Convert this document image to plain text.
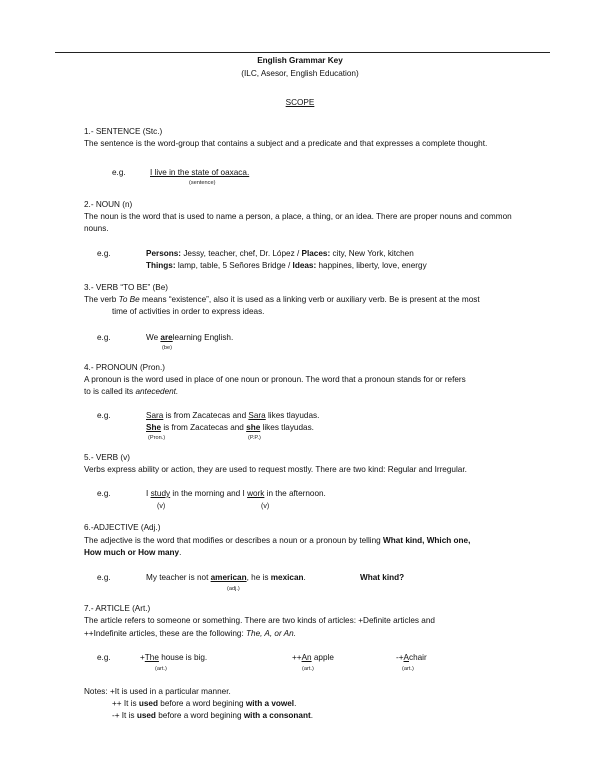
English Grammar Key
(ILC, Asesor, English Education)
SCOPE
1.- SENTENCE (Stc.)
The sentence is the word-group that contains a subject and a predicate and that expresses a complete thought.
e.g.	I live in the state of oaxaca.
(sentence)
2.- NOUN (n)
The noun is the word that is used to name a person, a place, a thing, or an idea. There are proper nouns and common nouns.
e.g.	Persons: Jessy, teacher, chef, Dr. López / Places: city, New York, kitchen
Things: lamp, table, 5 Señores Bridge / Ideas: happines, liberty, love, energy
3.- VERB “TO BE” (Be)
The verb To Be means “existence”, also it is used as a linking verb or auxiliary verb. Be is present at the most
time of activities in order to express ideas.
e.g.	We arelearning English.
(be)
4.- PRONOUN (Pron.)
A pronoun is the word used in place of one noun or pronoun. The word that a pronoun stands for or refers
to is called its antecedent.
e.g.	Sara is from Zacatecas and Sara likes tlayudas.
She is from Zacatecas and she likes tlayudas.
(Pron.)	(P.P.)
5.- VERB (v)
Verbs express ability or action, they are used to request mostly. There are two kind: Regular and Irregular.
e.g.	I study in the morning and I work in the afternoon.
(v)	(v)
6.-ADJECTIVE (Adj.)
The adjective is the word that modifies or describes a noun or a pronoun by telling What kind, Which one,
How much or How many.
e.g.	My teacher is not american, he is mexican.	What kind?
(adj.)
7.- ARTICLE (Art.)
The article refers to someone or something. There are two kinds of articles: +Definite articles and
++Indefinite articles, these are the following: The, A, or An.
e.g.	+The house is big.	++An apple	-+Achair
(art.)	(art.)	(art.)
Notes: +It is used in a particular manner.
++ It is used before a word begining with a vowel.
-+ It is used before a word begining with a consonant.
